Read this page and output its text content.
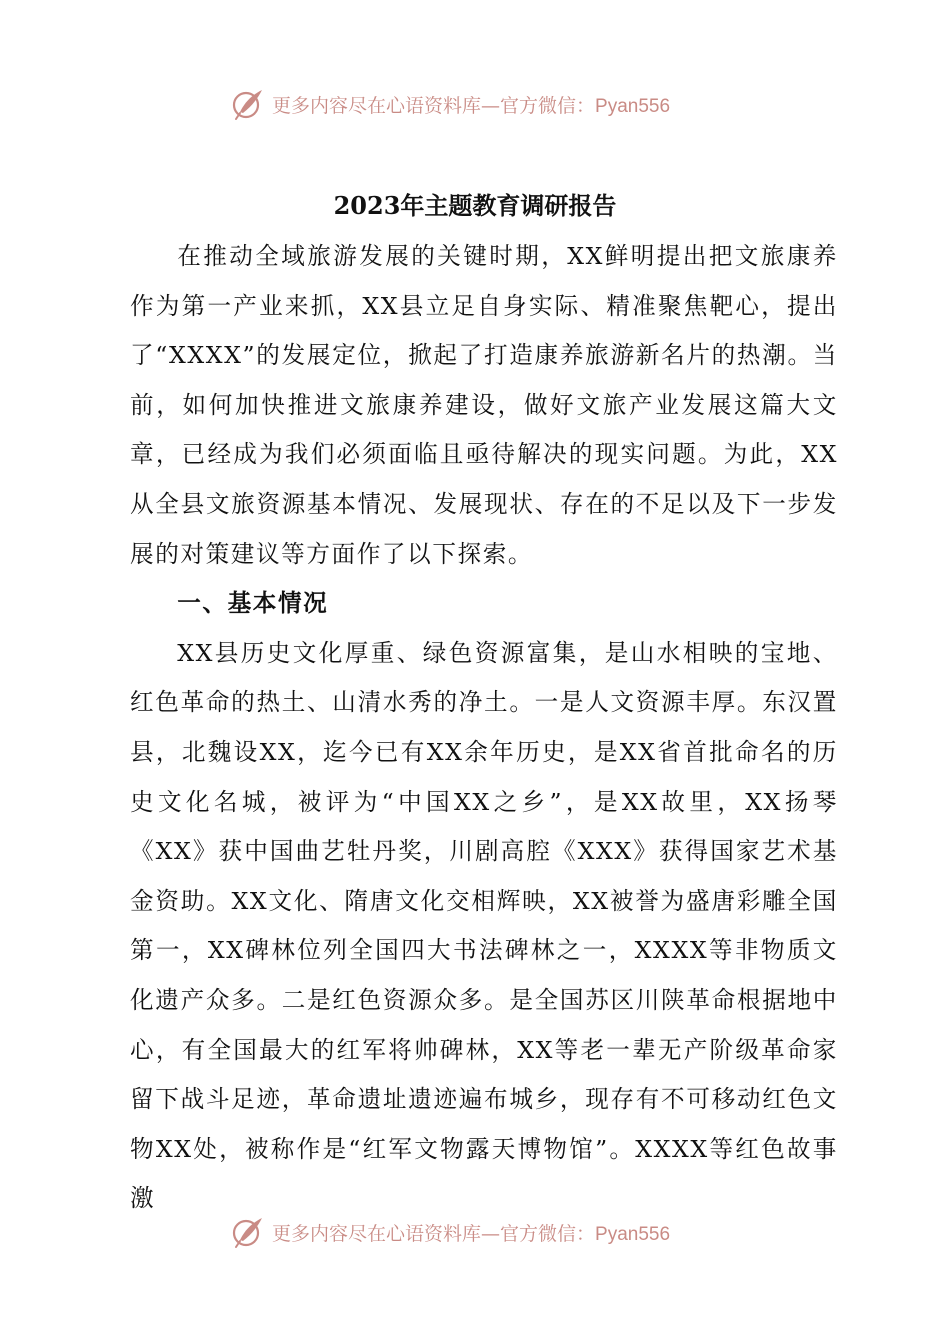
更多内容尽在心语资料库—官方微信：Pyan556
2023年主题教育调研报告

在推动全域旅游发展的关键时期，XX鲜明提出把文旅康养作为第一产业来抓，XX县立足自身实际、精准聚焦靶心，提出了“XXXX”的发展定位，掀起了打造康养旅游新名片的热潮。当前，如何加快推进文旅康养建设，做好文旅产业发展这篇大文章，已经成为我们必须面临且亟待解决的现实问题。为此，XX从全县文旅资源基本情况、发展现状、存在的不足以及下一步发展的对策建议等方面作了以下探索。

一、基本情况

XX县历史文化厚重、绿色资源富集，是山水相映的宝地、红色革命的热土、山清水秀的净土。一是人文资源丰厚。东汉置县，北魏设XX，迄今已有XX余年历史，是XX省首批命名的历史文化名城，被评为“中国XX之乡”，是XX故里，XX扬琴《XX》获中国曲艺牡丹奖，川剧高腔《XXX》获得国家艺术基金资助。XX文化、隋唐文化交相辉映，XX被誉为盛唐彩雕全国第一，XX碑林位列全国四大书法碑林之一，XXXX等非物质文化遗产众多。二是红色资源众多。是全国苏区川陕革命根据地中心，有全国最大的红军将帅碑林，XX等老一辈无产阶级革命家留下战斗足迹，革命遗址遗迹遍布城乡，现存有不可移动红色文物XX处，被称作是“红军文物露天博物馆”。XXXX等红色故事激

更多内容尽在心语资料库—官方微信：Pyan556
